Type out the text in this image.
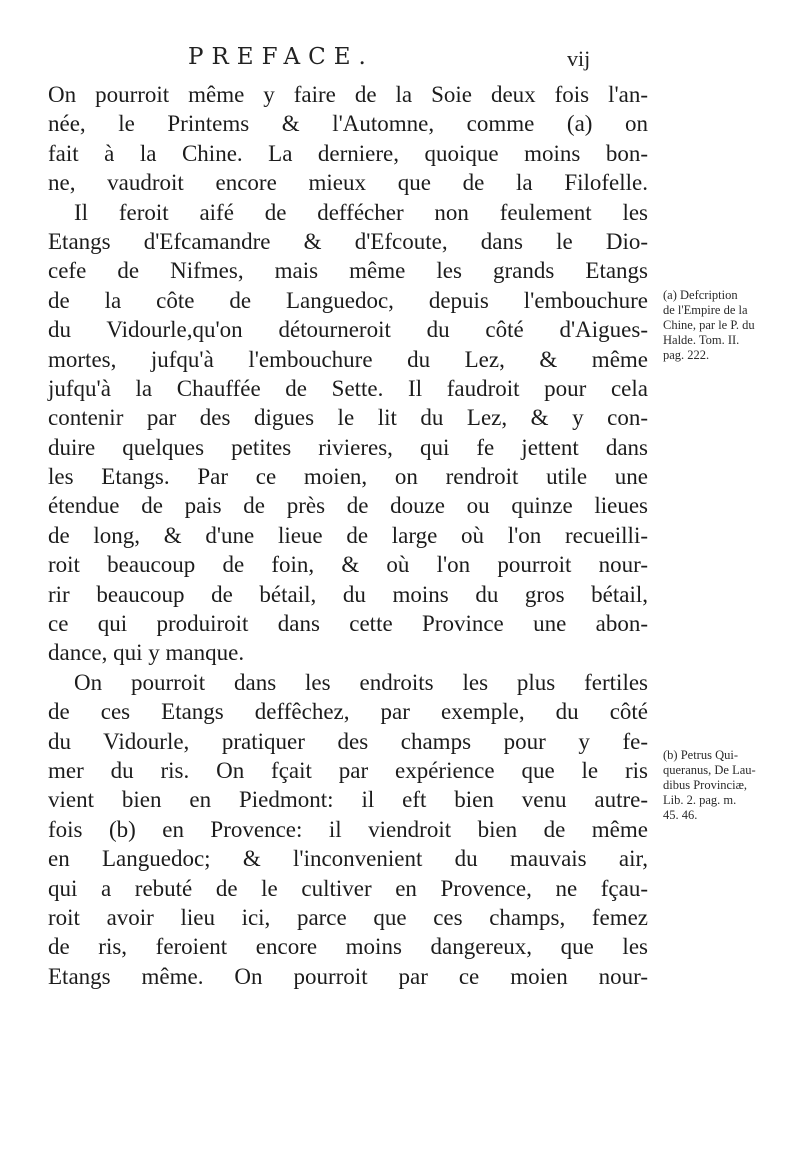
PREFACE.	vij
On pourroit même y faire de la Soie deux fois l'an-
née, le Printems & l'Automne, comme (a) on
fait à la Chine. La derniere, quoique moins bon-
ne, vaudroit encore mieux que de la Filofelle.
Il feroit aifé de deffécher non feulement les
Etangs d'Efcamandre & d'Efcoute, dans le Dio-
cefe de Nifmes, mais même les grands Etangs
de la côte de Languedoc, depuis l'embouchure
du Vidourle,qu'on détourneroit du côté d'Aigues-
mortes, jufqu'à l'embouchure du Lez, & même
jufqu'à la Chauffée de Sette. Il faudroit pour cela
contenir par des digues le lit du Lez, & y con-
duire quelques petites rivieres, qui fe jettent dans
les Etangs. Par ce moien, on rendroit utile une
étendue de pais de près de douze ou quinze lieues
de long, & d'une lieue de large où l'on recueilli-
roit beaucoup de foin, & où l'on pourroit nour-
rir beaucoup de bétail, du moins du gros bétail,
ce qui produiroit dans cette Province une abon-
dance, qui y manque.
On pourroit dans les endroits les plus fertiles
de ces Etangs deffêchez, par exemple, du côté
du Vidourle, pratiquer des champs pour y fe-
mer du ris. On fçait par expérience que le ris
vient bien en Piedmont: il eft bien venu autre-
fois (b) en Provence: il viendroit bien de même
en Languedoc; & l'inconvenient du mauvais air,
qui a rebuté de le cultiver en Provence, ne fçau-
roit avoir lieu ici, parce que ces champs, femez
de ris, feroient encore moins dangereux, que les
Etangs même. On pourroit par ce moien nour-
(a) Defcription
de l'Empire de la
Chine, par le P. du
Halde. Tom. II.
pag. 222.
(b) Petrus Qui-
queranus, De Lau-
dibus Provinciæ,
Lib. 2. pag. m.
45. 46.
